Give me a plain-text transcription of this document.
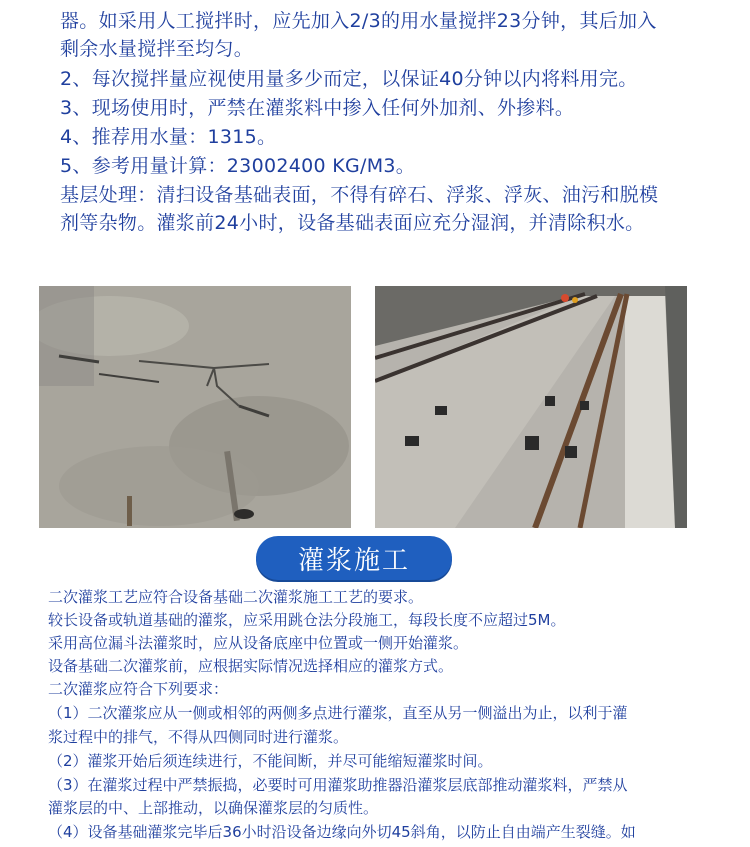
器。如采用人工搅拌时，应先加入2/3的用水量搅拌23分钟，其后加入
剩余水量搅拌至均匀。
2、每次搅拌量应视使用量多少而定，以保证40分钟以内将料用完。
3、现场使用时，严禁在灌浆料中掺入任何外加剂、外掺料。
4、推荐用水量：1315。
5、参考用量计算：23002400 KG/M3。
基层处理：清扫设备基础表面，不得有碎石、浮浆、浮灰、油污和脱模
剂等杂物。灌浆前24小时，设备基础表面应充分湿润，并清除积水。
灌浆施工
二次灌浆工艺应符合设备基础二次灌浆施工工艺的要求。
较长设备或轨道基础的灌浆，应采用跳仓法分段施工，每段长度不应超过5M。
采用高位漏斗法灌浆时，应从设备底座中位置或一侧开始灌浆。
设备基础二次灌浆前，应根据实际情况选择相应的灌浆方式。
二次灌浆应符合下列要求：
（1）二次灌浆应从一侧或相邻的两侧多点进行灌浆，直至从另一侧溢出为止，以利于灌
浆过程中的排气，不得从四侧同时进行灌浆。
（2）灌浆开始后须连续进行，不能间断，并尽可能缩短灌浆时间。
（3）在灌浆过程中严禁振捣，必要时可用灌浆助推器沿灌浆层底部推动灌浆料，严禁从
灌浆层的中、上部推动，以确保灌浆层的匀质性。
（4）设备基础灌浆完毕后36小时沿设备边缘向外切45斜角，以防止自由端产生裂缝。如
